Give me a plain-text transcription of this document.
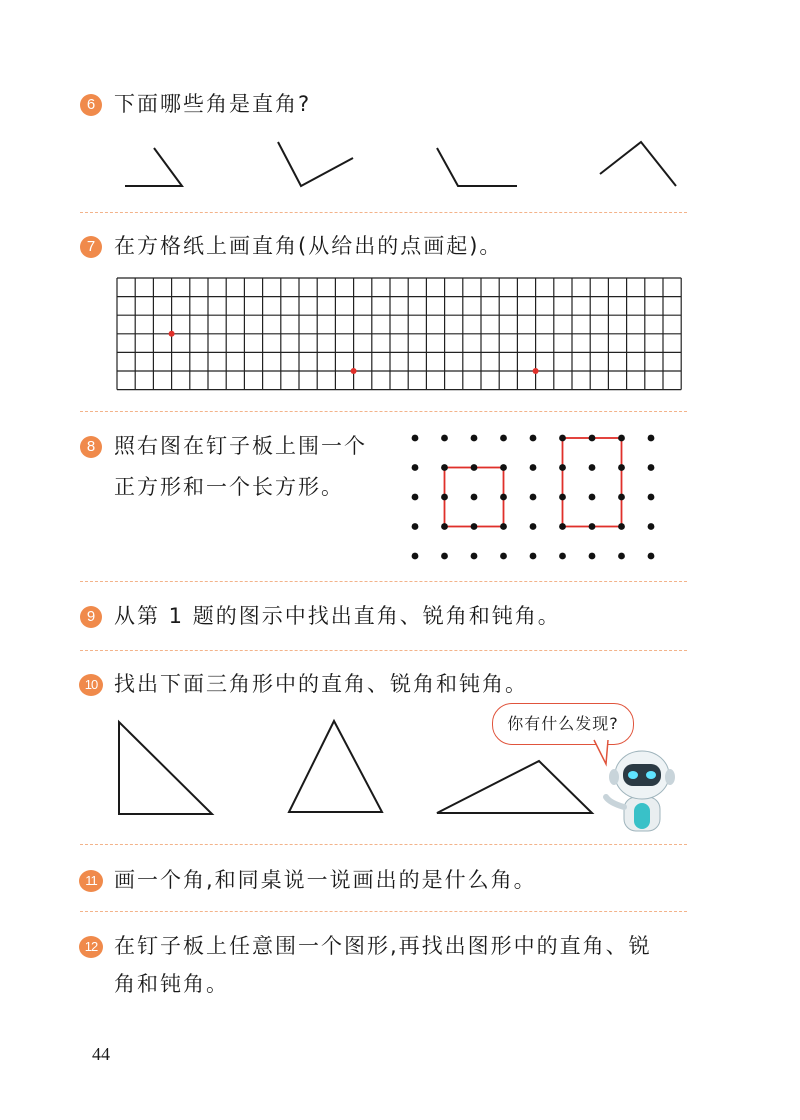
6 下面哪些角是直角?
7 在方格纸上画直角(从给出的点画起)。
8 照右图在钉子板上围一个
正方形和一个长方形。
9 从第 1 题的图示中找出直角、锐角和钝角。
10 找出下面三角形中的直角、锐角和钝角。
你有什么发现?
11 画一个角,和同桌说一说画出的是什么角。
12 在钉子板上任意围一个图形,再找出图形中的直角、锐
角和钝角。
44
